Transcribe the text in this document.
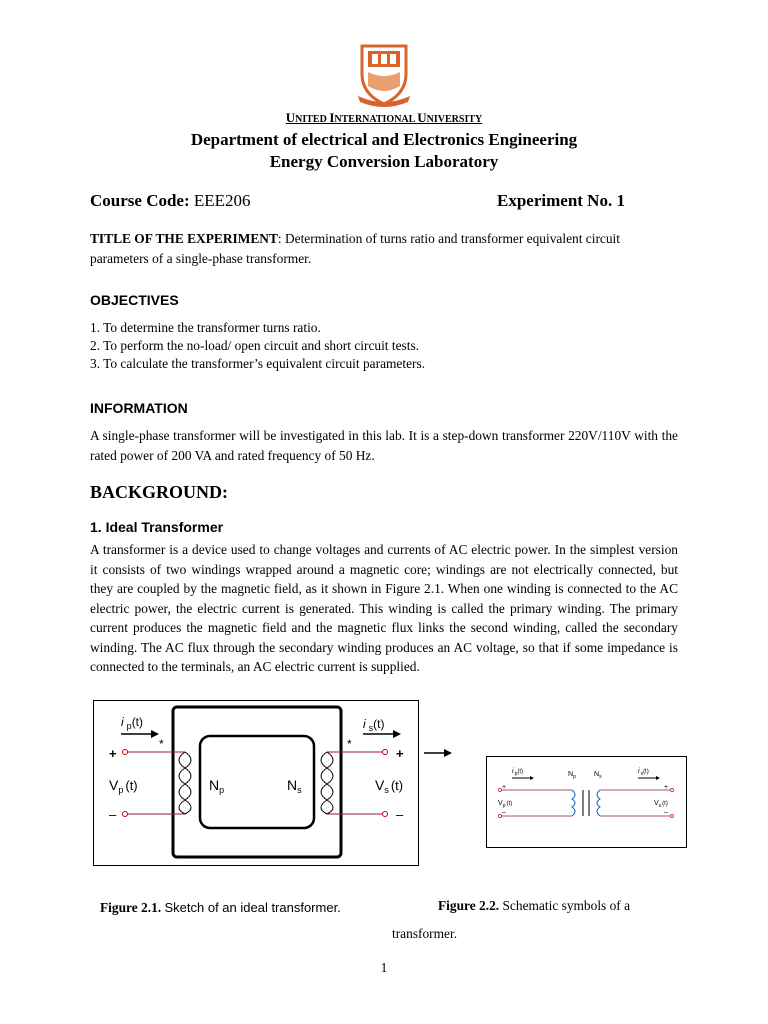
UNITED INTERNATIONAL UNIVERSITY
Department of electrical and Electronics Engineering
Energy Conversion Laboratory
Course Code: EEE206	Experiment No. 1
TITLE OF THE EXPERIMENT: Determination of turns ratio and transformer equivalent circuit parameters of a single-phase transformer.
OBJECTIVES
1. To determine the transformer turns ratio.
2. To perform the no-load/ open circuit and short circuit tests.
3. To calculate the transformer’s equivalent circuit parameters.
INFORMATION
A single-phase transformer will be investigated in this lab. It is a step-down transformer 220V/110V with the rated power of 200 VA and rated frequency of 50 Hz.
BACKGROUND:
1. Ideal Transformer
A transformer is a device used to change voltages and currents of AC electric power. In the simplest version it consists of two windings wrapped around a magnetic core; windings are not electrically connected, but they are coupled by the magnetic field, as it shown in Figure 2.1. When one winding is connected to the AC electric power, the electric current is generated. This winding is called the primary winding. The primary current produces the magnetic field and the magnetic flux links the second winding, called the secondary winding. The AC flux through the secondary winding produces an AC voltage, so that if some impedance is connected to the terminals, an AC electric current is supplied.
i $_p$(t)	i $_s$(t)
+
–
+
–
*	*
$V_p$ (t)	$V_s$ (t)
$N_p$	$N_s$
$i_p(t)$	$i_s(t)$
$N_p$	$N_s$
+	+
–	–
$V_p(t)$	$V_s(t)$
Figure 2.1. Sketch of an ideal transformer.	Figure 2.2. Schematic symbols of a
transformer.
1
